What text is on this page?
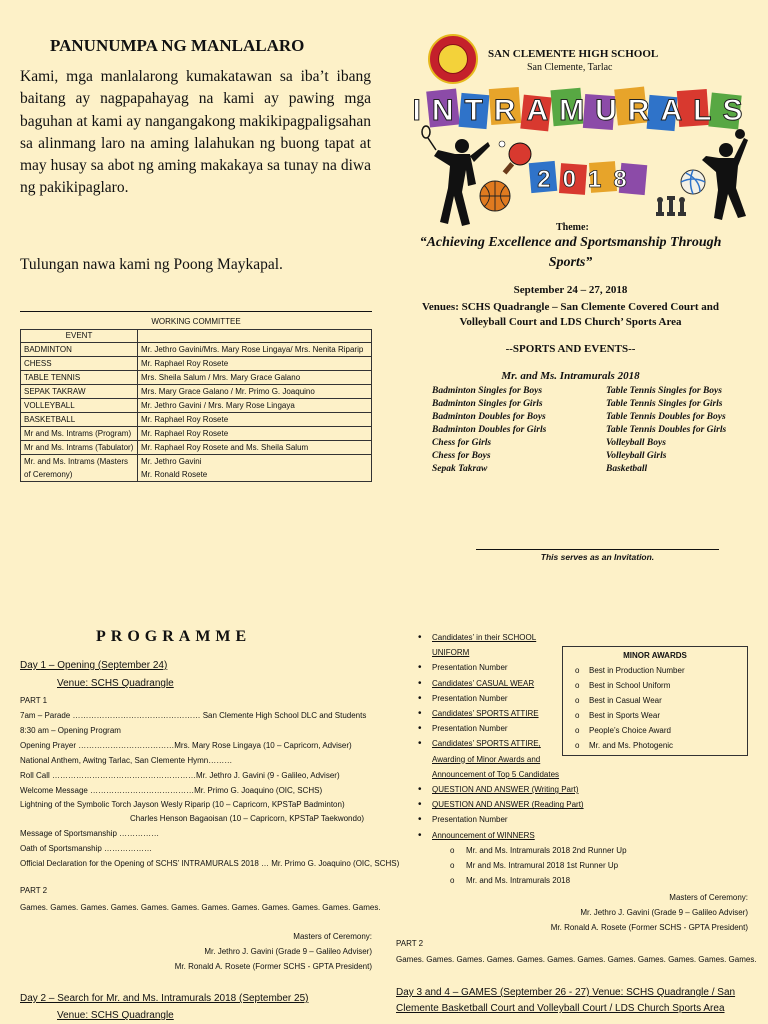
PANUNUMPA NG MANLALARO
Kami, mga manlalarong kumakatawan sa iba’t ibang baitang ay nagpapahayag na kami ay pawing mga baguhan at kami ay nangangakong makikipagpaligsahan sa alinmang laro na aming lalahukan ng buong tapat at may husay sa abot ng aming makakaya sa tunay na diwa ng pakikipaglaro.
Tulungan nawa kami ng Poong Maykapal.
WORKING COMMITTEE
EVENT	
BADMINTON	Mr. Jethro Gavini/Mrs. Mary Rose Lingaya/ Mrs. Nenita Riparip
CHESS	Mr. Raphael Roy Rosete
TABLE TENNIS	Mrs. Sheila Salum / Mrs. Mary Grace Galano
SEPAK TAKRAW	Mrs. Mary Grace Galano / Mr. Primo G. Joaquino
VOLLEYBALL	Mr. Jethro Gavini / Mrs. Mary Rose Lingaya
BASKETBALL	Mr. Raphael Roy Rosete
Mr and Ms. Intrams (Program)	Mr. Raphael Roy Rosete
Mr and Ms. Intrams (Tabulator)	Mr. Raphael Roy Rosete and Ms. Sheila Salum
Mr. and Ms. Intrams (Masters of Ceremony)	Mr. Jethro Gavini
Mr. Ronald Rosete
SAN CLEMENTE HIGH SCHOOL
San Clemente, Tarlac
INTRAMURALS
2018
Theme:
“Achieving Excellence and Sportsmanship Through Sports”
September 24 – 27, 2018
Venues: SCHS Quadrangle – San Clemente Covered Court and Volleyball Court and LDS Church’ Sports Area
--SPORTS AND EVENTS--
Mr. and Ms. Intramurals 2018
Badminton Singles for Boys
Badminton Singles for Girls
Badminton Doubles for Boys
Badminton Doubles for Girls
Chess for Girls
Chess for Boys
Sepak Takraw
Table Tennis Singles for Boys
Table Tennis Singles for Girls
Table Tennis Doubles for Boys
Table Tennis Doubles for Girls
Volleyball Boys
Volleyball Girls
Basketball
This serves as an Invitation.
PROGRAMME
Day 1 – Opening (September 24)
Venue: SCHS Quadrangle
PART 1
7am – Parade ………………………………………… San Clemente High School DLC and Students
8:30 am – Opening Program
Opening Prayer ………………………………Mrs. Mary Rose Lingaya (10 – Capricorn, Adviser)
National Anthem, Awitng Tarlac, San Clemente Hymn………
Roll Call ………………………………………………Mr. Jethro J. Gavini (9 - Galileo, Adviser)
Welcome Message …………………………………Mr. Primo G. Joaquino (OIC, SCHS)
Lightning of the Symbolic Torch Jayson Wesly Riparip (10 – Capricorn, KPSTaP Badminton)
Charles Henson Bagaoisan (10 – Capricorn, KPSTaP Taekwondo)
Message of Sportsmanship ……………
Oath of Sportsmanship ………………
Official Declaration for the Opening of SCHS’ INTRAMURALS 2018 … Mr. Primo G. Joaquino (OIC, SCHS)
PART 2
Games. Games. Games. Games. Games. Games. Games. Games. Games. Games. Games. Games.
Masters of Ceremony:
Mr. Jethro J. Gavini (Grade 9 – Galileo Adviser)
Mr. Ronald A. Rosete (Former SCHS - GPTA President)
Day 2 – Search for Mr. and Ms. Intramurals 2018 (September 25)
Venue: SCHS Quadrangle
• Candidates’ in their SCHOOL
UNIFORM
• Presentation Number
• Candidates’ CASUAL WEAR
• Presentation Number
• Candidates’ SPORTS ATTIRE
• Presentation Number
• Candidates’ SPORTS ATTIRE,
Awarding of Minor Awards and
Announcement of Top 5 Candidates
• QUESTION AND ANSWER (Writing Part)
• QUESTION AND ANSWER (Reading Part)
• Presentation Number
• Announcement of WINNERS
o Mr. and Ms. Intramurals 2018 2nd Runner Up
o Mr and Ms. Intramural 2018 1st Runner Up
o Mr. and Ms. Intramurals 2018
MINOR AWARDS
o Best in Production Number
o Best in School Uniform
o Best in Casual Wear
o Best in Sports Wear
o People’s Choice Award
o Mr. and Ms. Photogenic
Masters of Ceremony:
Mr. Jethro J. Gavini (Grade 9 – Galileo Adviser)
Mr. Ronald A. Rosete (Former SCHS - GPTA President)
PART 2
Games. Games. Games. Games. Games. Games. Games. Games. Games. Games. Games. Games.
Day 3 and 4 – GAMES (September 26 - 27) Venue: SCHS Quadrangle / San Clemente Basketball Court and Volleyball Court / LDS Church Sports Area
